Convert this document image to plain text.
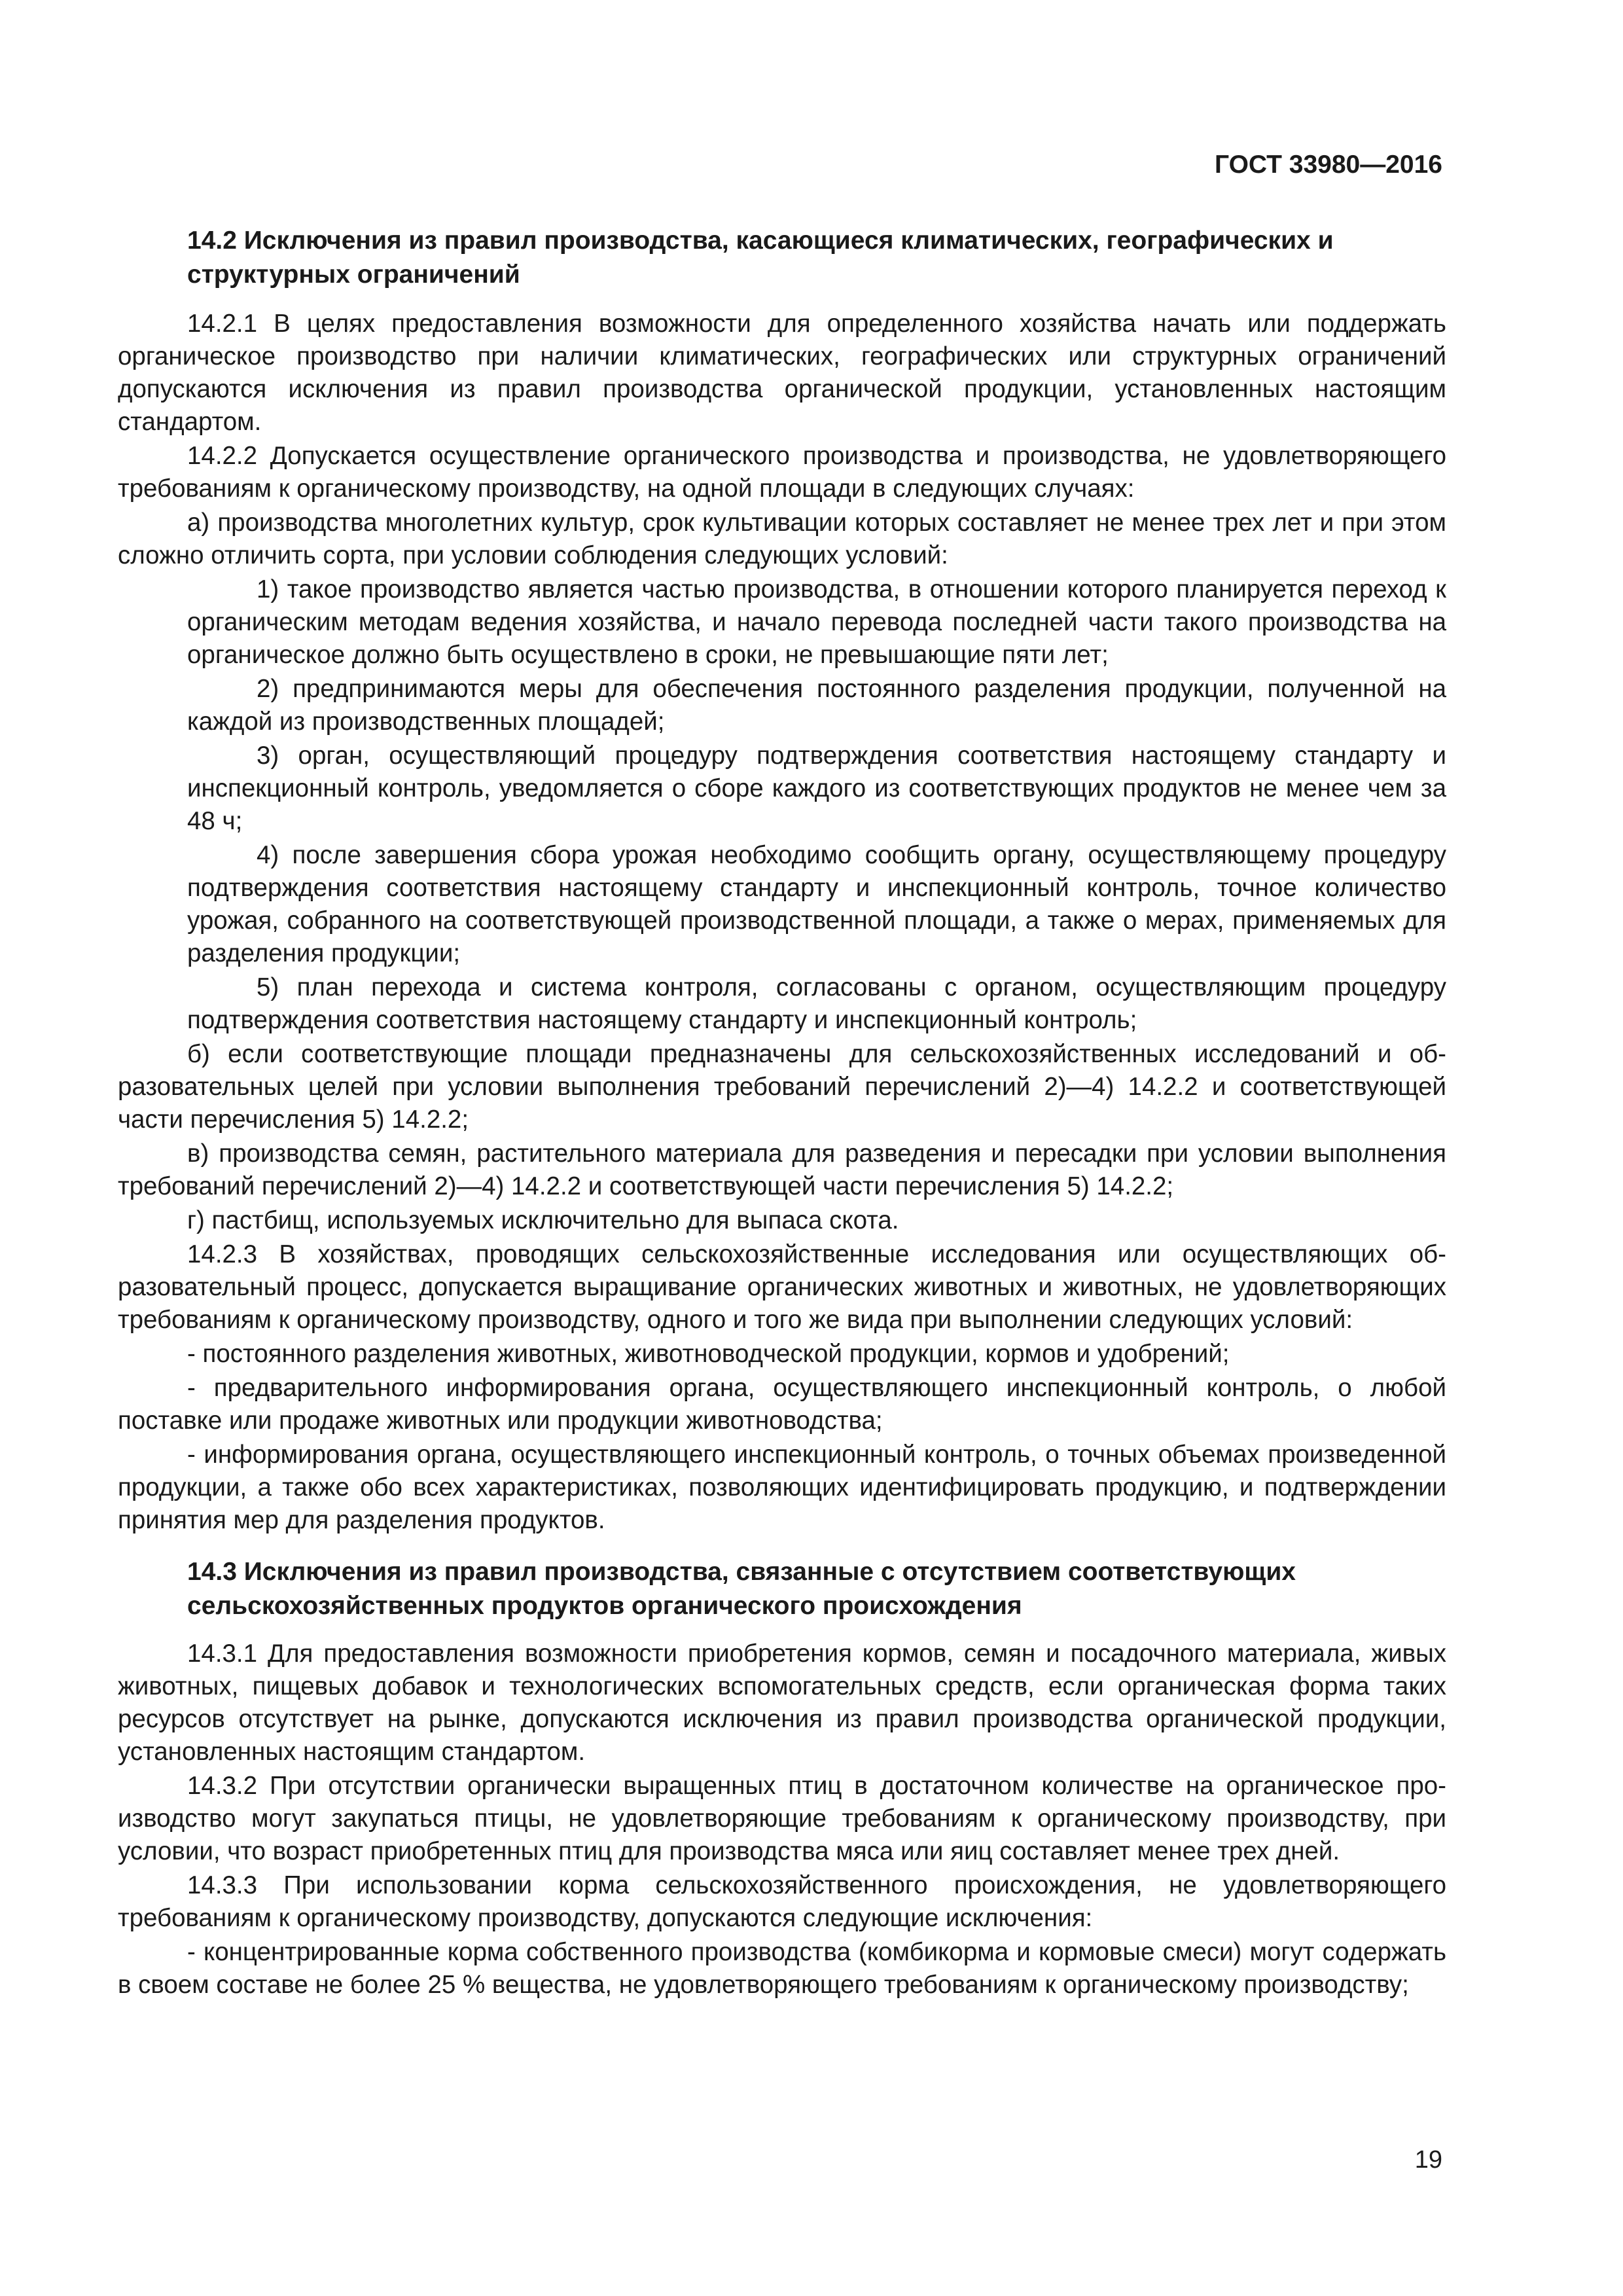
ГОСТ 33980—2016
14.2 Исключения из правил производства, касающиеся климатических, географических и структурных ограничений

14.2.1 В целях предоставления возможности для определенного хозяйства начать или поддержать органическое производство при наличии климатических, географических или структурных ограничений допускаются исключения из правил производства органической продукции, установленных настоящим стандартом.

14.2.2 Допускается осуществление органического производства и производства, не удовлетворяющего требованиям к органическому производству, на одной площади в следующих случаях:

а) производства многолетних культур, срок культивации которых составляет не менее трех лет и при этом сложно отличить сорта, при условии соблюдения следующих условий:

1) такое производство является частью производства, в отношении которого планируется переход к органическим методам ведения хозяйства, и начало перевода последней части такого производства на органическое должно быть осуществлено в сроки, не превышающие пяти лет;

2) предпринимаются меры для обеспечения постоянного разделения продукции, полученной на каждой из производственных площадей;

3) орган, осуществляющий процедуру подтверждения соответствия настоящему стандарту и инспекционный контроль, уведомляется о сборе каждого из соответствующих продуктов не менее чем за 48 ч;

4) после завершения сбора урожая необходимо сообщить органу, осуществляющему процедуру подтверждения соответствия настоящему стандарту и инспекционный контроль, точное количество урожая, собранного на соответствующей производственной площади, а также о мерах, применяемых для разделения продукции;

5) план перехода и система контроля, согласованы с органом, осуществляющим процедуру подтверждения соответствия настоящему стандарту и инспекционный контроль;

б) если соответствующие площади предназначены для сельскохозяйственных исследований и образовательных целей при условии выполнения требований перечислений 2)—4) 14.2.2 и соответствующей части перечисления 5) 14.2.2;

в) производства семян, растительного материала для разведения и пересадки при условии выполнения требований перечислений 2)—4) 14.2.2 и соответствующей части перечисления 5) 14.2.2;

г) пастбищ, используемых исключительно для выпаса скота.

14.2.3 В хозяйствах, проводящих сельскохозяйственные исследования или осуществляющих образовательный процесс, допускается выращивание органических животных и животных, не удовлетворяющих требованиям к органическому производству, одного и того же вида при выполнении следующих условий:

- постоянного разделения животных, животноводческой продукции, кормов и удобрений;

- предварительного информирования органа, осуществляющего инспекционный контроль, о любой поставке или продаже животных или продукции животноводства;

- информирования органа, осуществляющего инспекционный контроль, о точных объемах произведенной продукции, а также обо всех характеристиках, позволяющих идентифицировать продукцию, и подтверждении принятия мер для разделения продуктов.

14.3 Исключения из правил производства, связанные с отсутствием соответствующих сельскохозяйственных продуктов органического происхождения

14.3.1 Для предоставления возможности приобретения кормов, семян и посадочного материала, живых животных, пищевых добавок и технологических вспомогательных средств, если органическая форма таких ресурсов отсутствует на рынке, допускаются исключения из правил производства органической продукции, установленных настоящим стандартом.

14.3.2 При отсутствии органически выращенных птиц в достаточном количестве на органическое производство могут закупаться птицы, не удовлетворяющие требованиям к органическому производству, при условии, что возраст приобретенных птиц для производства мяса или яиц составляет менее трех дней.

14.3.3 При использовании корма сельскохозяйственного происхождения, не удовлетворяющего требованиям к органическому производству, допускаются следующие исключения:

- концентрированные корма собственного производства (комбикорма и кормовые смеси) могут содержать в своем составе не более 25 % вещества, не удовлетворяющего требованиям к органическому производству;

19
